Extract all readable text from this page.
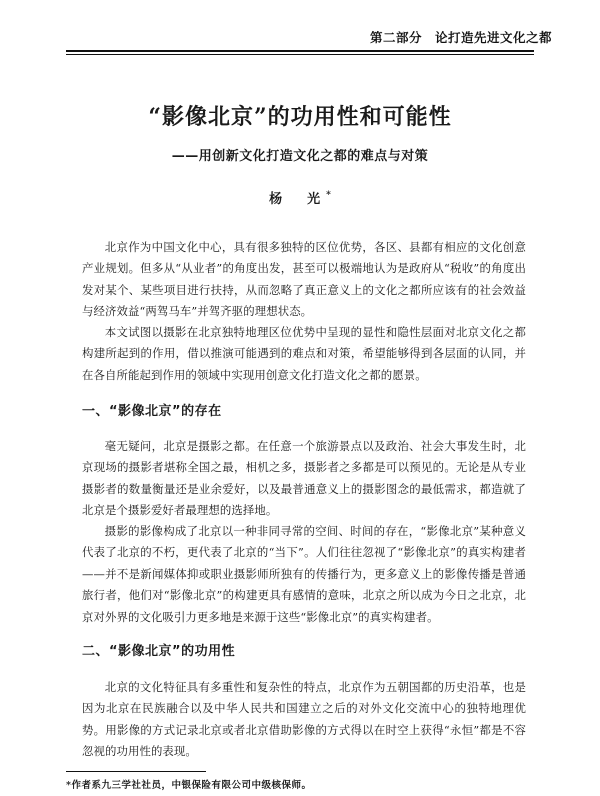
第二部分　论打造先进文化之都
“影像北京”的功用性和可能性
——用创新文化打造文化之都的难点与对策
杨　光*

北京作为中国文化中心，具有很多独特的区位优势，各区、县都有相应的文化创意产业规划。但多从“从业者”的角度出发，甚至可以极端地认为是政府从“税收”的角度出发对某个、某些项目进行扶持，从而忽略了真正意义上的文化之都所应该有的社会效益与经济效益“两驾马车”并驾齐驱的理想状态。

本文试图以摄影在北京独特地理区位优势中呈现的显性和隐性层面对北京文化之都构建所起到的作用，借以推演可能遇到的难点和对策，希望能够得到各层面的认同，并在各自所能起到作用的领域中实现用创意文化打造文化之都的愿景。

一、“影像北京”的存在

毫无疑问，北京是摄影之都。在任意一个旅游景点以及政治、社会大事发生时，北京现场的摄影者堪称全国之最，相机之多，摄影者之多都是可以预见的。无论是从专业摄影者的数量衡量还是业余爱好，以及最普通意义上的摄影图念的最低需求，都造就了北京是个摄影爱好者最理想的选择地。

摄影的影像构成了北京以一种非同寻常的空间、时间的存在，“影像北京”某种意义代表了北京的不朽，更代表了北京的“当下”。人们往往忽视了“影像北京”的真实构建者——并不是新闻媒体抑或职业摄影师所独有的传播行为，更多意义上的影像传播是普通旅行者，他们对“影像北京”的构建更具有感情的意味，北京之所以成为今日之北京，北京对外界的文化吸引力更多地是来源于这些“影像北京”的真实构建者。

二、“影像北京”的功用性

北京的文化特征具有多重性和复杂性的特点，北京作为五朝国都的历史沿革，也是因为北京在民族融合以及中华人民共和国建立之后的对外文化交流中心的独特地理优势。用影像的方式记录北京或者北京借助影像的方式得以在时空上获得“永恒”都是不容忽视的功用性的表现。

*作者系九三学社社员，中银保险有限公司中级核保师。
